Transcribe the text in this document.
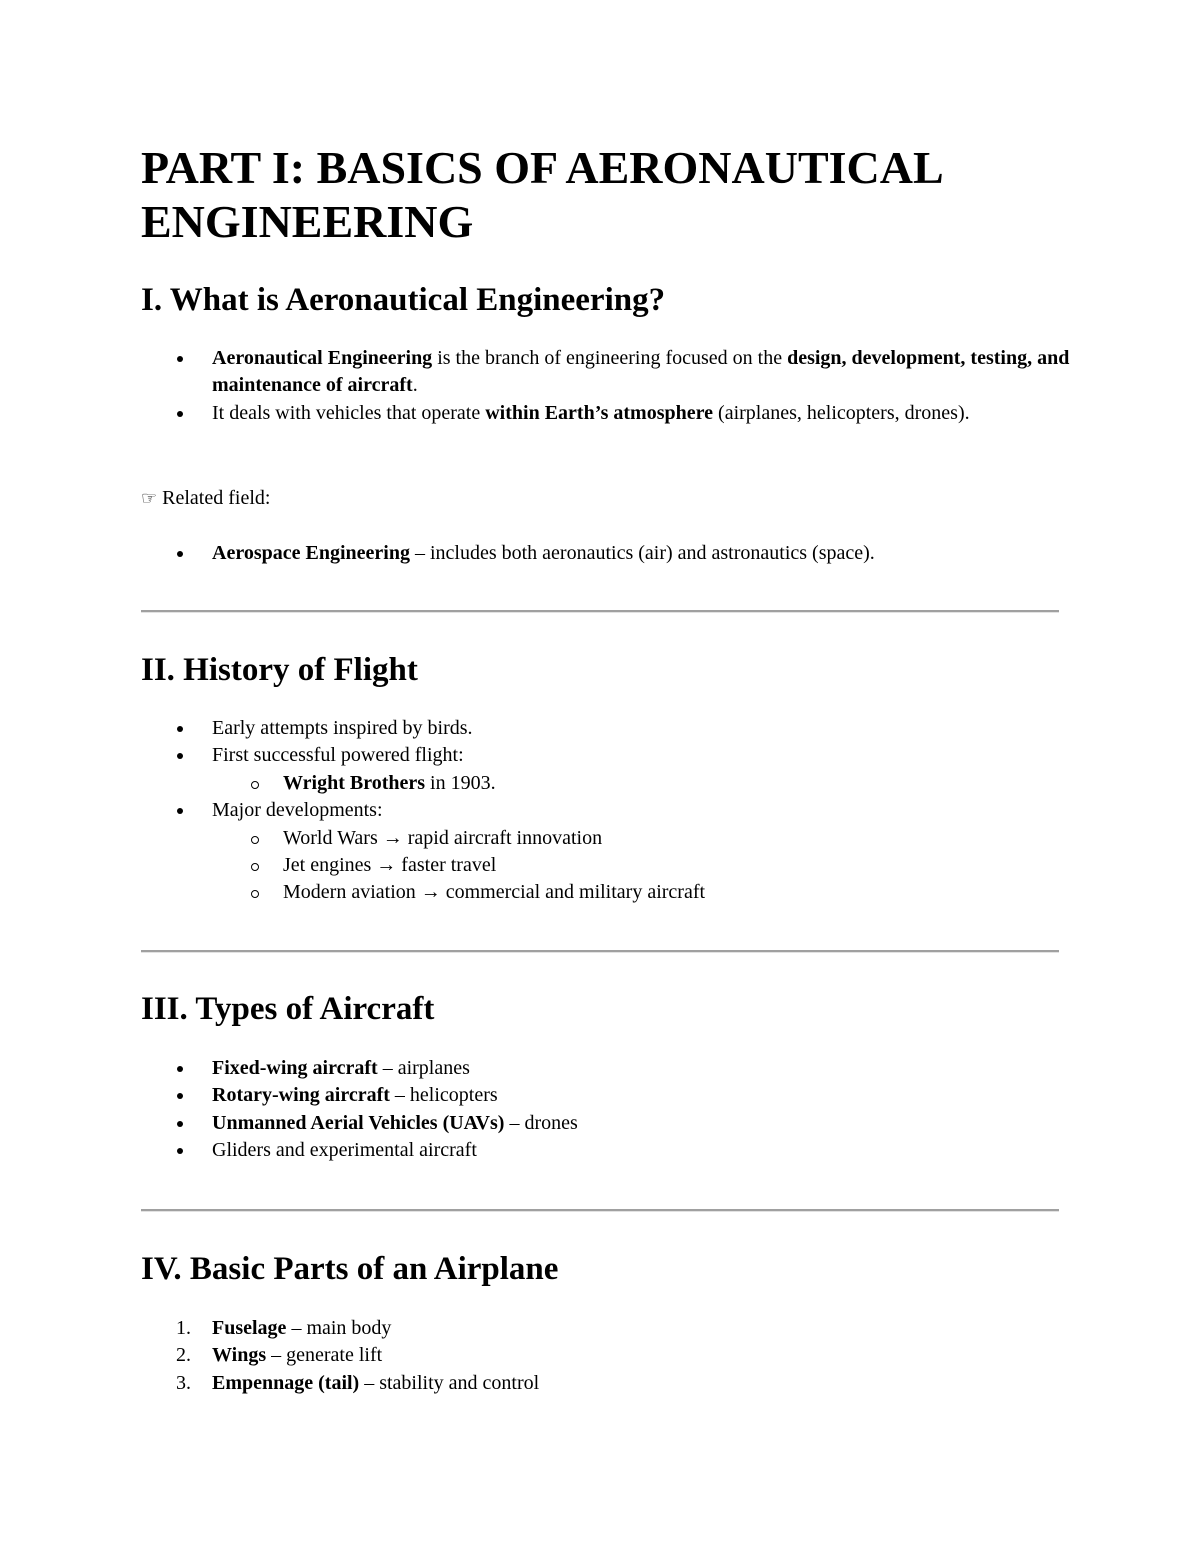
PART I: BASICS OF AERONAUTICAL ENGINEERING
I. What is Aeronautical Engineering?
Aeronautical Engineering is the branch of engineering focused on the design, development, testing, and maintenance of aircraft.
It deals with vehicles that operate within Earth’s atmosphere (airplanes, helicopters, drones).

☞ Related field:

Aerospace Engineering – includes both aeronautics (air) and astronautics (space).
II. History of Flight
Early attempts inspired by birds.
First successful powered flight:
Wright Brothers in 1903.
Major developments:
World Wars → rapid aircraft innovation
Jet engines → faster travel
Modern aviation → commercial and military aircraft
III. Types of Aircraft
Fixed-wing aircraft – airplanes
Rotary-wing aircraft – helicopters
Unmanned Aerial Vehicles (UAVs) – drones
Gliders and experimental aircraft
IV. Basic Parts of an Airplane
1. Fuselage – main body
2. Wings – generate lift
3. Empennage (tail) – stability and control
